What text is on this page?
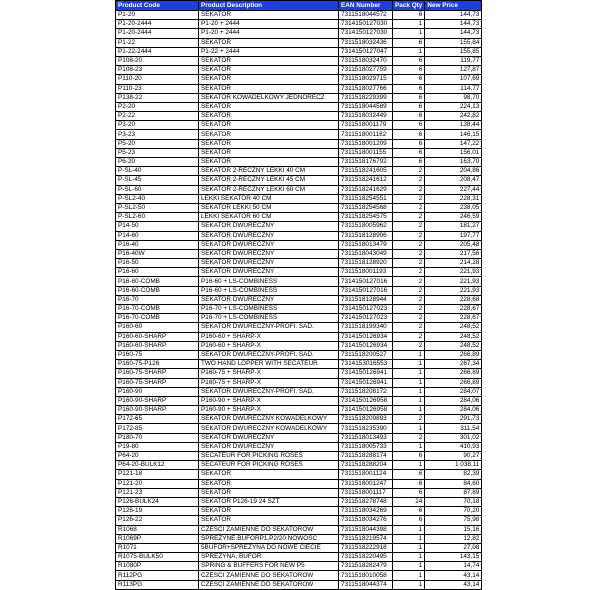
Product Code	Product Description	EAN Number	Pack Qty	New Price
P1-20	SEKATOR	7311518044572	6	144,73
P1-20-2444	P1-20 + 2444	7314150127030	1	144,73
P1-20-2444	P1-20 + 2444	7314150127030	1	144,73
P1-22	SEKATOR	7311518032436	6	155,84
P1-22-2444	P1-22 + 2444	7314150127047	1	155,85
P108-20	SEKATOR	7311518032470	6	119,77
P108-23	SEKATOR	7311518027759	6	127,87
P110-20	SEKATOR	7311518029715	6	107,69
P110-23	SEKATOR	7311518027766	6	114,77
P138-22	SEKATOR KOWADELKOWY JEDNORECZ	7311518229399	6	98,70
P2-20	SEKATOR	7311518044589	6	224,13
P2-22	SEKATOR	7311518032449	6	242,82
P3-20	SEKATOR	7311518001179	6	138,44
P3-23	SEKATOR	7311518001162	6	146,15
P5-20	SEKATOR	7311518001209	6	147,22
P5-23	SEKATOR	7311518001155	6	156,01
P6-20	SEKATOR	7311518176792	6	163,70
P-SL-40	SEKATOR 2-RECZNY LEKKI 40 CM	7311518241605	2	204,86
P-SL-45	SEKATOR 2-RECZNY LEKKI 45 CM	7311518241612	2	208,47
P-SL-60	SEKATOR 2-RECZNY LEKKI 60 CM	7311518241629	2	227,44
P-SL2-40	LEKKI SEKATOR 40 CM	7311518254551	2	228,31
P-SL2-50	SEKATOR LEKKI 50 CM	7311518254568	2	238,05
P-SL2-60	LEKKI SEKATOR 60 CM	7311518254575	2	246,59
P14-50	SEKATOR DWURECZNY	7311518005962	2	181,27
P14-60	SEKATOR DWURECZNY	7311518128906	2	197,77
P16-40	SEKATOR DWURECZNY	7311518013479	2	205,48
P16-40W	SEKATOR DWURECZNY	7311518043049	2	217,56
P16-50	SEKATOR DWURECZNY	7311518128920	2	214,28
P16-60	SEKATOR DWURECZNY	7311518001193	2	221,93
P16-60-COMB	P16-60 + LS-COMBINESS	7314150127016	2	221,93
P16-60-COMB	P16-60 + LS-COMBINESS	7314150127016	2	221,93
P16-70	SEKATOR DWURECZNY	7311518128944	2	228,68
P16-70-COMB	P16-70 + LS-COMBINESS	7314150127023	2	228,67
P16-70-COMB	P16-70 + LS-COMBINESS	7314150127023	2	228,67
P160-60	SEKATOR DWURECZNY-PROFI. SAD.	7311518199340	2	248,52
P160-60-SHARP	P160-60 + SHARP-X	7314150126934	2	248,52
P160-60-SHARP	P160-60 + SHARP-X	7314150126934	2	248,52
P160-75	SEKATOR DWURECZNY-PROFI. SAD.	7311518200527	1	266,89
P160-75-P126	TWO HAND LOPPER WITH SECATEUR	7314153016553	1	267,34
P160-75-SHARP	P160-75 + SHARP-X	7314150126941	1	266,89
P160-75-SHARP	P160-75 + SHARP-X	7314150126941	1	266,89
P160-90	SEKATOR DWURECZNY-PROFI. SAD.	7311518208172	1	284,07
P160-90-SHARP	P160-90 + SHARP-X	7314150126958	1	284,06
P160-90-SHARP	P160-90 + SHARP-X	7314150126958	1	284,06
P172-65	SEKATOR DWURECZNY KOWADELKOWY	7311518209893	2	291,73
P172-85	SEKATOR DWURECZNY KOWADELKOWY	7311518235390	1	311,54
P180-70	SEKATOR DWURECZNY	7311518013493	2	301,02
P19-80	SEKATOR DWURECZNY	7311518005733	1	410,93
P64-20	SECATEUR FOR PICKING ROSES	7311518288174	6	90,27
P64-20-BULK12	SECATEUR FOR PICKING ROSES	7311518288204	1	1 038,11
P121-18	SEKATOR	7311518001124	6	82,39
P121-20	SEKATOR	7311518001247	6	84,60
P121-23	SEKATOR	7311518001117	6	87,89
P126-BULK24	SEKATOR P126-19 24 SZT	7311518278748	24	70,18
P126-19	SEKATOR	7311518034269	6	70,20
P126-22	SEKATOR	7311518034276	6	75,98
R1068	CZESCI ZAMIENNE DO SEKATOROW	7311518044398	1	15,16
R1069P	SPREZYNE.BUFORP1,P2/20 NOWOSC	7311518219574	1	12,82
R1071	5BUFOR+SPREZYNA DO NOWE CIECIE	7311518222918	1	27,08
R1075-BULK50	SPREZYNA, BUFOR	7311518220495	1	143,15
R1080P	SPRING & BUFFERS FOR NEW P5	7311518282479	1	14,74
R112PG	CZESCI ZAMIENNE DO SEKATOROW	7311518010058	1	43,14
R113PG	CZESCI ZAMIENNE DO SEKATOROW	7311518044374	1	43,14
